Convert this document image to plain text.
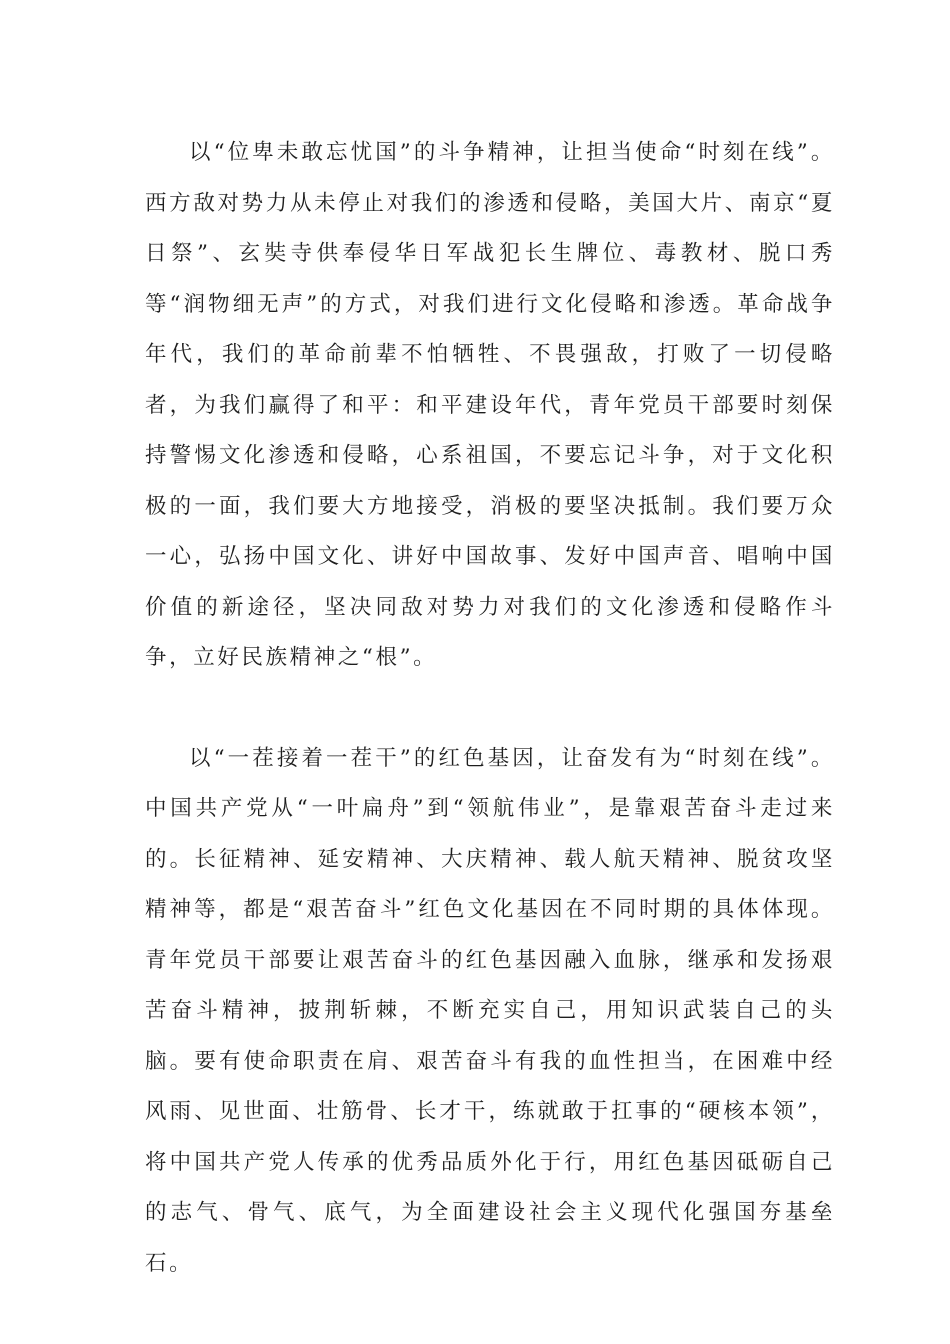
以“位卑未敢忘忧国”的斗争精神，让担当使命“时刻在线”。西方敌对势力从未停止对我们的渗透和侵略，美国大片、南京“夏日祭”、玄奘寺供奉侵华日军战犯长生牌位、毒教材、脱口秀等“润物细无声”的方式，对我们进行文化侵略和渗透。革命战争年代，我们的革命前辈不怕牺牲、不畏强敌，打败了一切侵略者，为我们赢得了和平：和平建设年代，青年党员干部要时刻保持警惕文化渗透和侵略，心系祖国，不要忘记斗争，对于文化积极的一面，我们要大方地接受，消极的要坚决抵制。我们要万众一心，弘扬中国文化、讲好中国故事、发好中国声音、唱响中国价值的新途径，坚决同敌对势力对我们的文化渗透和侵略作斗争，立好民族精神之“根”。

以“一茬接着一茬干”的红色基因，让奋发有为“时刻在线”。中国共产党从“一叶扁舟”到“领航伟业”，是靠艰苦奋斗走过来的。长征精神、延安精神、大庆精神、载人航天精神、脱贫攻坚精神等，都是“艰苦奋斗”红色文化基因在不同时期的具体体现。青年党员干部要让艰苦奋斗的红色基因融入血脉，继承和发扬艰苦奋斗精神，披荆斩棘，不断充实自己，用知识武装自己的头脑。要有使命职责在肩、艰苦奋斗有我的血性担当，在困难中经风雨、见世面、壮筋骨、长才干，练就敢于扛事的“硬核本领”，将中国共产党人传承的优秀品质外化于行，用红色基因砥砺自己的志气、骨气、底气，为全面建设社会主义现代化强国夯基垒石。
